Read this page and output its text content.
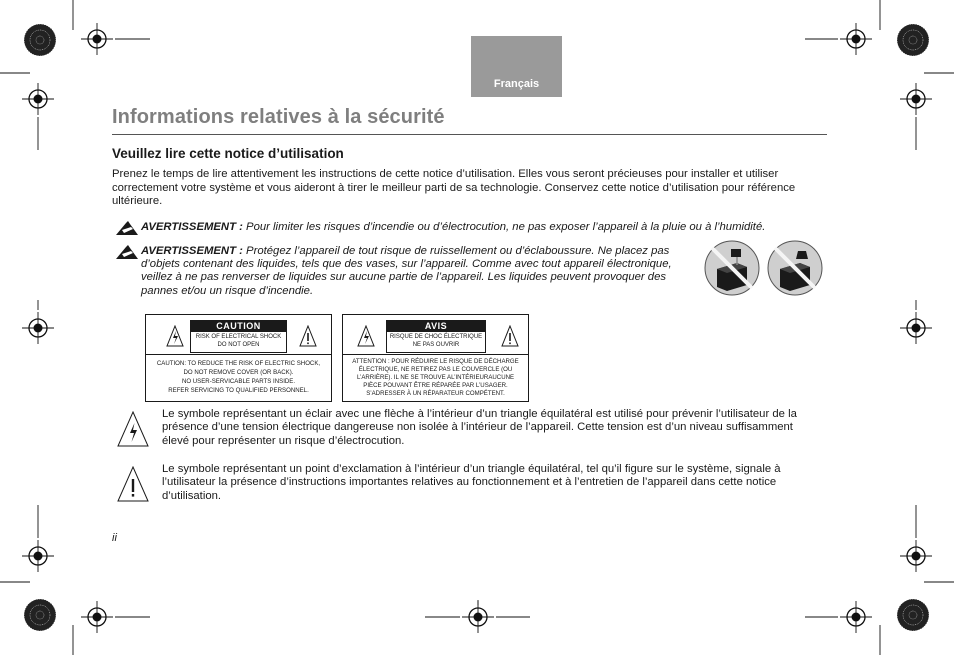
Français
Informations relatives à la sécurité
Veuillez lire cette notice d’utilisation

Prenez le temps de lire attentivement les instructions de cette notice d’utilisation. Elles vous seront précieuses pour installer et utiliser correctement votre système et vous aideront à tirer le meilleur parti de sa technologie. Conservez cette notice d’utilisation pour référence ultérieure.

AVERTISSEMENT : Pour limiter les risques d’incendie ou d’électrocution, ne pas exposer l’appareil à la pluie ou à l’humidité.

AVERTISSEMENT : Protégez l’appareil de tout risque de ruissellement ou d’éclaboussure. Ne placez pas d’objets contenant des liquides, tels que des vases, sur l’appareil. Comme avec tout appareil électronique, veillez à ne pas renverser de liquides sur aucune partie de l’appareil. Les liquides peuvent provoquer des pannes et/ou un risque d’incendie.

CAUTION
RISK OF ELECTRICAL SHOCK
DO NOT OPEN
CAUTION: TO REDUCE THE RISK OF ELECTRIC SHOCK,
DO NOT REMOVE COVER (OR BACK).
NO USER-SERVICABLE PARTS INSIDE.
REFER SERVICING TO QUALIFIED PERSONNEL.
AVIS
RISQUE DE CHOC ÉLECTRIQUE
NE PAS OUVRIR
ATTENTION : POUR RÉDUIRE LE RISQUE DE DÉCHARGE
ÉLECTRIQUE, NE RETIREZ PAS LE COUVERCLE (OU
L’ARRIÈRE). IL NE SE TROUVE AL’INTÉRIEURAUCUNE
PIÈCE POUVANT ÊTRE RÉPARÉE PAR L’USAGER.
S’ADRESSER À UN RÉPARATEUR COMPÉTENT.

Le symbole représentant un éclair avec une flèche à l’intérieur d’un triangle équilatéral est utilisé pour prévenir l’utilisateur de la présence d’une tension électrique dangereuse non isolée à l’intérieur de l’appareil. Cette tension est d’un niveau suffisamment élevé pour représenter un risque d’électrocution.

Le symbole représentant un point d’exclamation à l’intérieur d’un triangle équilatéral, tel qu’il figure sur le système, signale à l’utilisateur la présence d’instructions importantes relatives au fonctionnement et à l’entretien de l’appareil dans cette notice d’utilisation.

ii
